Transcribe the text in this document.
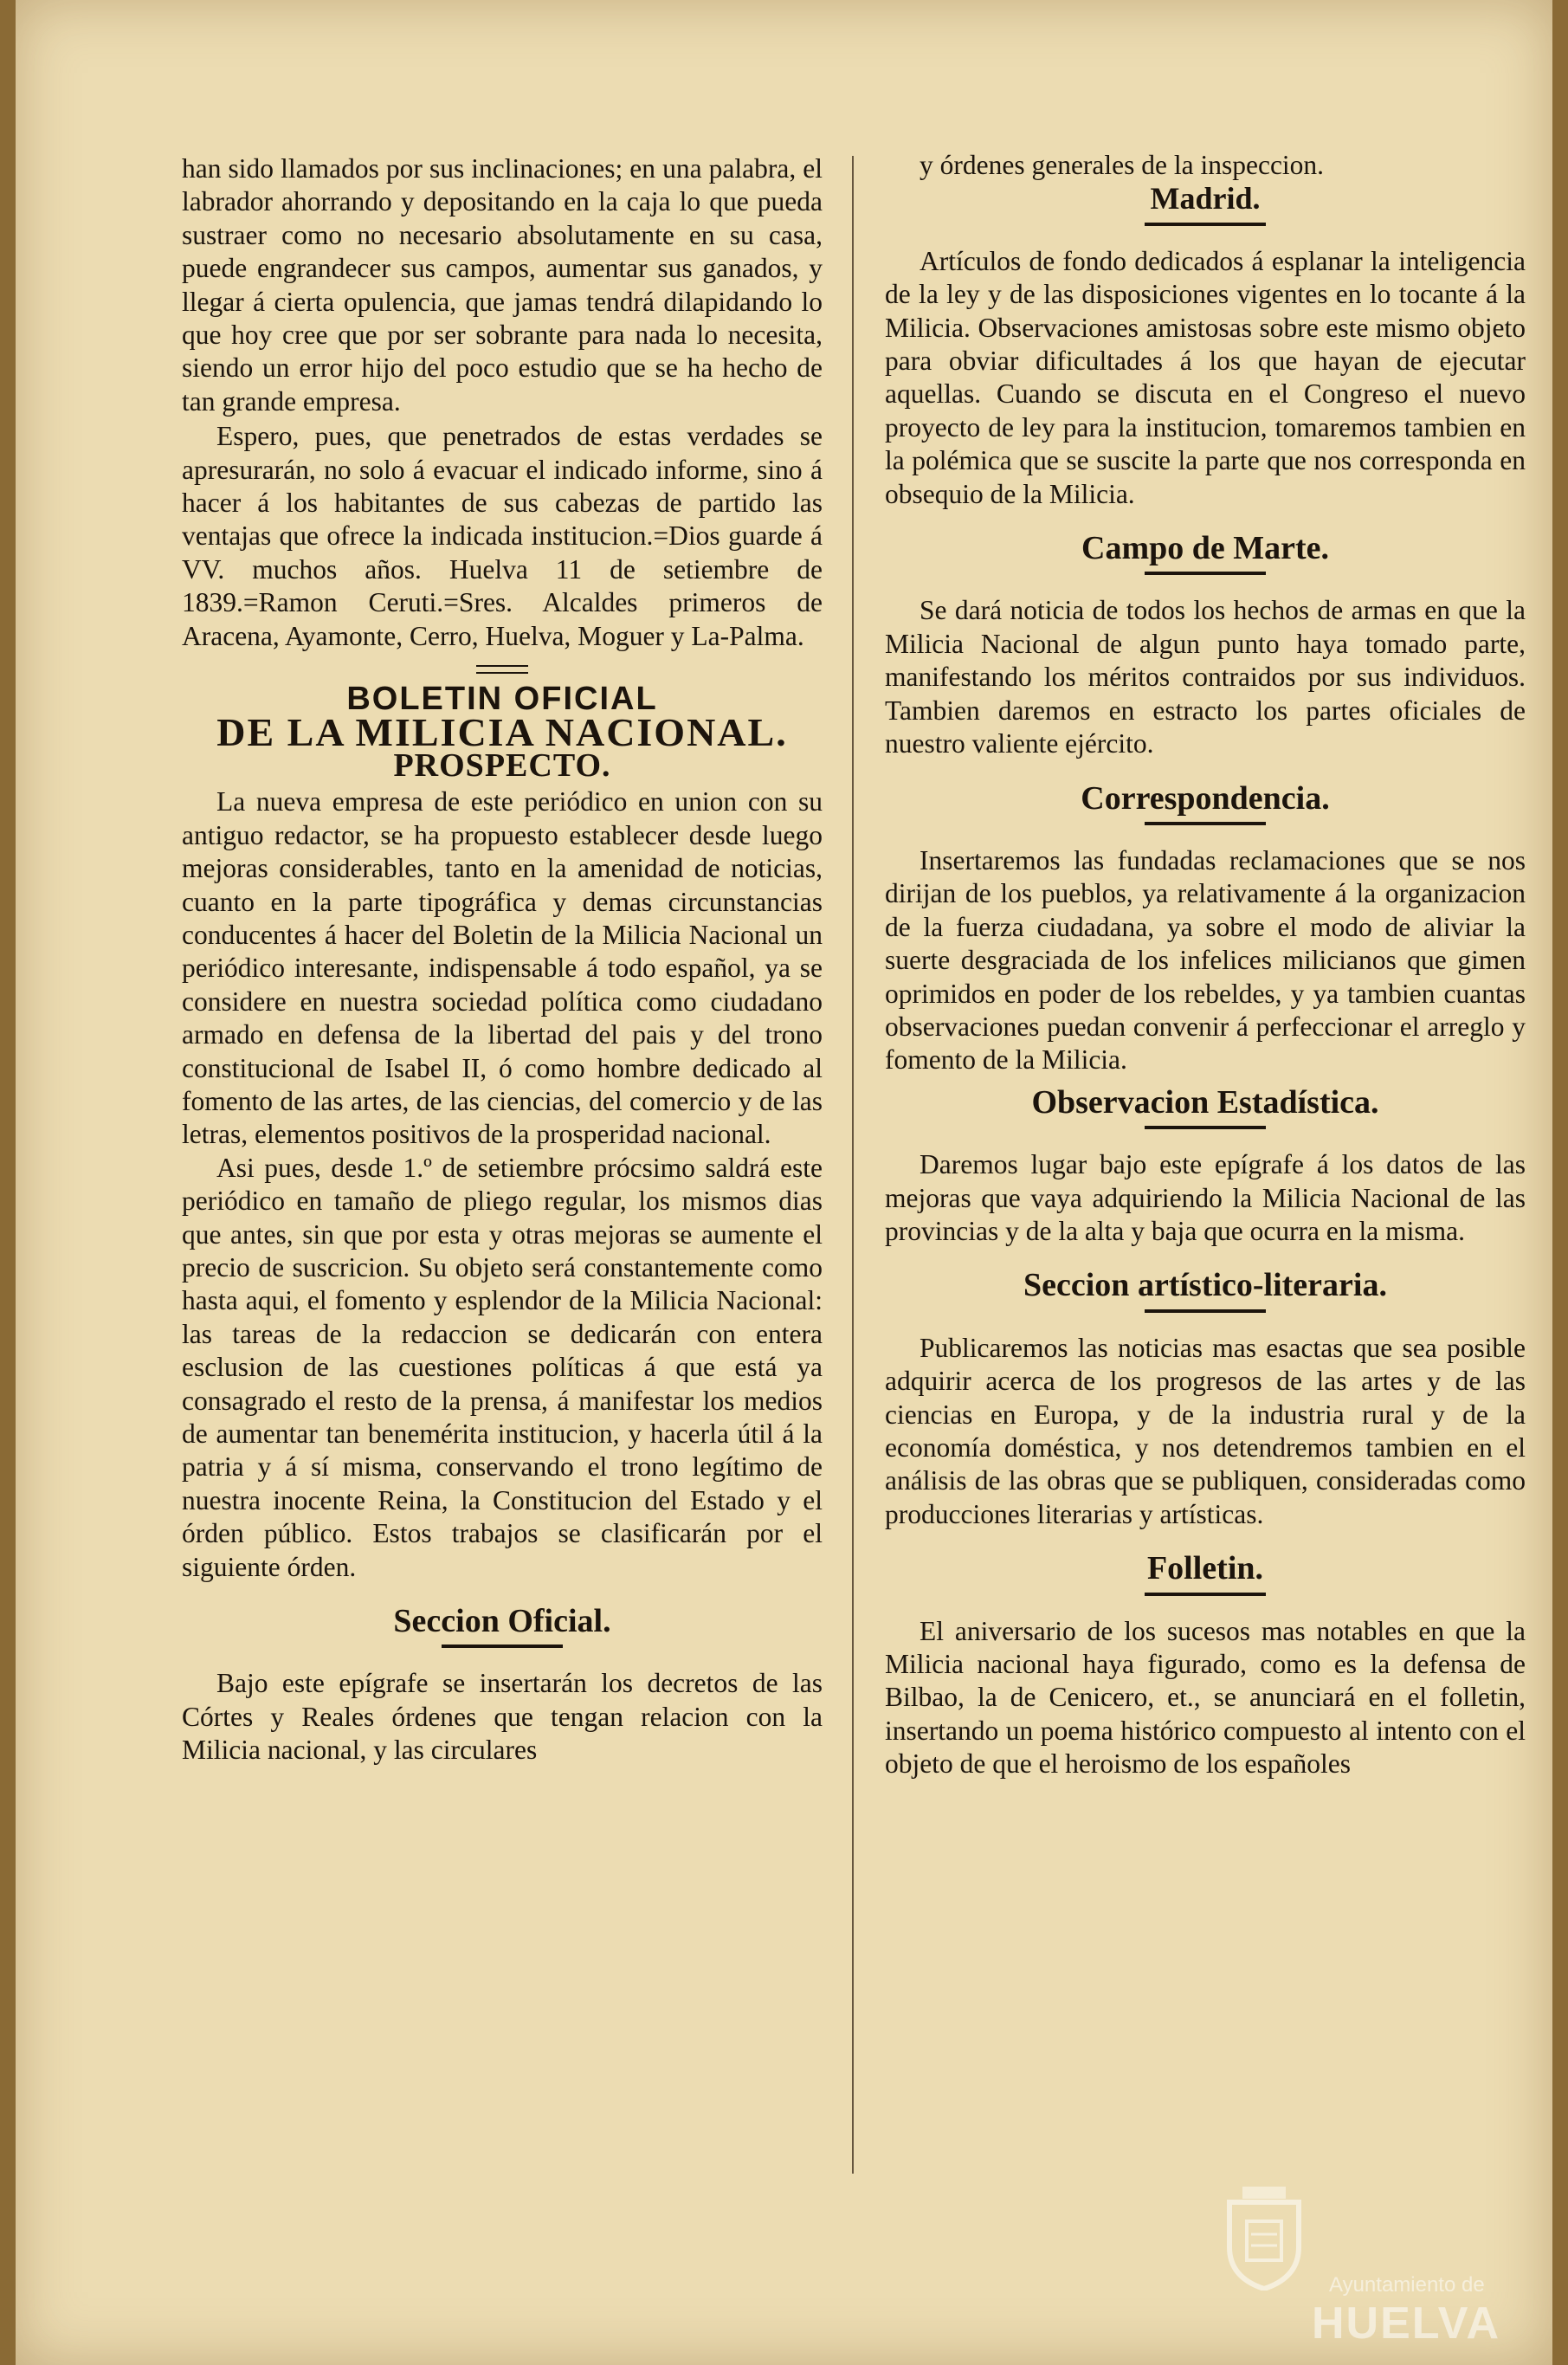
han sido llamados por sus inclinaciones; en una palabra, el labrador ahorrando y depositando en la caja lo que pueda sustraer como no necesario absolutamente en su casa, puede engrandecer sus campos, aumentar sus ganados, y llegar á cierta opulencia, que jamas tendrá dilapidando lo que hoy cree que por ser sobrante para nada lo necesita, siendo un error hijo del poco estudio que se ha hecho de tan grande empresa.

Espero, pues, que penetrados de estas verdades se apresurarán, no solo á evacuar el indicado informe, sino á hacer á los habitantes de sus cabezas de partido las ventajas que ofrece la indicada institucion.=Dios guarde á VV. muchos años. Huelva 11 de setiembre de 1839.=Ramon Ceruti.=Sres. Alcaldes primeros de Aracena, Ayamonte, Cerro, Huelva, Moguer y La-Palma.

BOLETIN OFICIAL
DE LA MILICIA NACIONAL.
PROSPECTO.

La nueva empresa de este periódico en union con su antiguo redactor, se ha propuesto establecer desde luego mejoras considerables, tanto en la amenidad de noticias, cuanto en la parte tipográfica y demas circunstancias conducentes á hacer del Boletin de la Milicia Nacional un periódico interesante, indispensable á todo español, ya se considere en nuestra sociedad política como ciudadano armado en defensa de la libertad del pais y del trono constitucional de Isabel II, ó como hombre dedicado al fomento de las artes, de las ciencias, del comercio y de las letras, elementos positivos de la prosperidad nacional.

Asi pues, desde 1.º de setiembre prócsimo saldrá este periódico en tamaño de pliego regular, los mismos dias que antes, sin que por esta y otras mejoras se aumente el precio de suscricion. Su objeto será constantemente como hasta aqui, el fomento y esplendor de la Milicia Nacional: las tareas de la redaccion se dedicarán con entera esclusion de las cuestiones políticas á que está ya consagrado el resto de la prensa, á manifestar los medios de aumentar tan benemérita institucion, y hacerla útil á la patria y á sí misma, conservando el trono legítimo de nuestra inocente Reina, la Constitucion del Estado y el órden público. Estos trabajos se clasificarán por el siguiente órden.

Seccion Oficial.

Bajo este epígrafe se insertarán los decretos de las Córtes y Reales órdenes que tengan relacion con la Milicia nacional, y las circulares

y órdenes generales de la inspeccion.

Madrid.

Artículos de fondo dedicados á esplanar la inteligencia de la ley y de las disposiciones vigentes en lo tocante á la Milicia. Observaciones amistosas sobre este mismo objeto para obviar dificultades á los que hayan de ejecutar aquellas. Cuando se discuta en el Congreso el nuevo proyecto de ley para la institucion, tomaremos tambien en la polémica que se suscite la parte que nos corresponda en obsequio de la Milicia.

Campo de Marte.

Se dará noticia de todos los hechos de armas en que la Milicia Nacional de algun punto haya tomado parte, manifestando los méritos contraidos por sus individuos. Tambien daremos en estracto los partes oficiales de nuestro valiente ejército.

Correspondencia.

Insertaremos las fundadas reclamaciones que se nos dirijan de los pueblos, ya relativamente á la organizacion de la fuerza ciudadana, ya sobre el modo de aliviar la suerte desgraciada de los infelices milicianos que gimen oprimidos en poder de los rebeldes, y ya tambien cuantas observaciones puedan convenir á perfeccionar el arreglo y fomento de la Milicia.

Observacion Estadística.

Daremos lugar bajo este epígrafe á los datos de las mejoras que vaya adquiriendo la Milicia Nacional de las provincias y de la alta y baja que ocurra en la misma.

Seccion artístico-literaria.

Publicaremos las noticias mas esactas que sea posible adquirir acerca de los progresos de las artes y de las ciencias en Europa, y de la industria rural y de la economía doméstica, y nos detendremos tambien en el análisis de las obras que se publiquen, consideradas como producciones literarias y artísticas.

Folletin.

El aniversario de los sucesos mas notables en que la Milicia nacional haya figurado, como es la defensa de Bilbao, la de Cenicero, et., se anunciará en el folletin, insertando un poema histórico compuesto al intento con el objeto de que el heroismo de los españoles

Ayuntamiento de
HUELVA
